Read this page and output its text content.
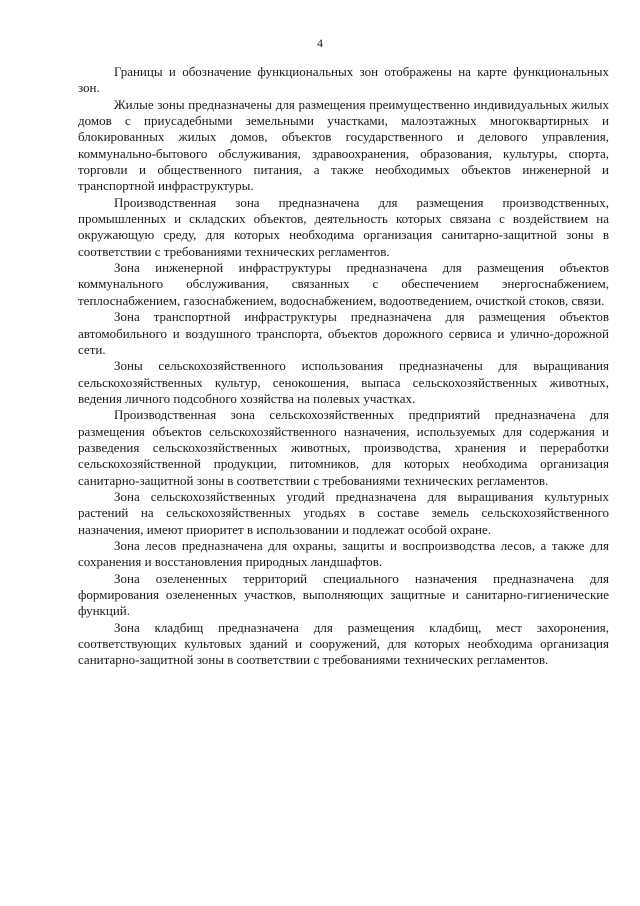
4

Границы и обозначение функциональных зон отображены на карте функциональных зон.

Жилые зоны предназначены для размещения преимущественно индивидуальных жилых домов с приусадебными земельными участками, малоэтажных многоквартирных и блокированных жилых домов, объектов государственного и делового управления, коммунально-бытового обслуживания, здравоохранения, образования, культуры, спорта, торговли и общественного питания, а также необходимых объектов инженерной и транспортной инфраструктуры.

Производственная зона предназначена для размещения производственных, промышленных и складских объектов, деятельность которых связана с воздействием на окружающую среду, для которых необходима организация санитарно-защитной зоны в соответствии с требованиями технических регламентов.

Зона инженерной инфраструктуры предназначена для размещения объектов коммунального обслуживания, связанных с обеспечением энергоснабжением, теплоснабжением, газоснабжением, водоснабжением, водоотведением, очисткой стоков, связи.

Зона транспортной инфраструктуры предназначена для размещения объектов автомобильного и воздушного транспорта, объектов дорожного сервиса и улично-дорожной сети.

Зоны сельскохозяйственного использования предназначены для выращивания сельскохозяйственных культур, сенокошения, выпаса сельскохозяйственных животных, ведения личного подсобного хозяйства на полевых участках.

Производственная зона сельскохозяйственных предприятий предназначена для размещения объектов сельскохозяйственного назначения, используемых для содержания и разведения сельскохозяйственных животных, производства, хранения и переработки сельскохозяйственной продукции, питомников, для которых необходима организация санитарно-защитной зоны в соответствии с требованиями технических регламентов.

Зона сельскохозяйственных угодий предназначена для выращивания культурных растений на сельскохозяйственных угодьях в составе земель сельскохозяйственного назначения, имеют приоритет в использовании и подлежат особой охране.

Зона лесов предназначена для охраны, защиты и воспроизводства лесов, а также для сохранения и восстановления природных ландшафтов.

Зона озелененных территорий специального назначения предназначена для формирования озелененных участков, выполняющих защитные и санитарно-гигиенические функций.

Зона кладбищ предназначена для размещения кладбищ, мест захоронения, соответствующих культовых зданий и сооружений, для которых необходима организация санитарно-защитной зоны в соответствии с требованиями технических регламентов.
